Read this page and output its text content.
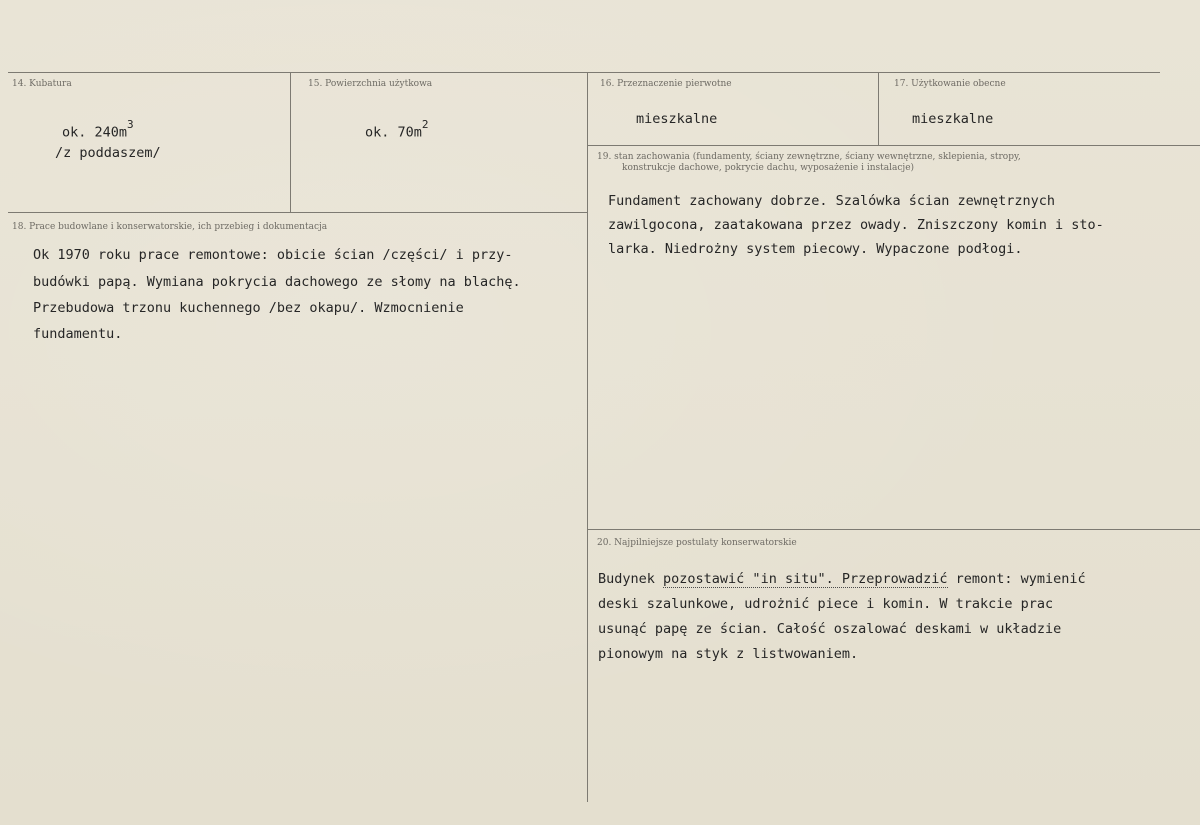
14. Kubatura
ok. $240m^3$
/z poddaszem/
15. Powierzchnia użytkowa
ok. $70m^2$
16. Przeznaczenie pierwotne
mieszkalne
17. Użytkowanie obecne
mieszkalne
19. stan zachowania (fundamenty, ściany zewnętrzne, ściany wewnętrzne, sklepienia, stropy,
konstrukcje dachowe, pokrycie dachu, wyposażenie i instalacje)
Fundament zachowany dobrze. Szalówka ścian zewnętrznych
zawilgocona, zaatakowana przez owady. Zniszczony komin i sto-
larka. Niedrożny system piecowy. Wypaczone podłogi.
18. Prace budowlane i konserwatorskie, ich przebieg i dokumentacja
Ok 1970 roku prace remontowe: obicie ścian /części/ i przy-
budówki papą. Wymiana pokrycia dachowego ze słomy na blachę.
Przebudowa trzonu kuchennego /bez okapu/. Wzmocnienie
fundamentu.
20. Najpilniejsze postulaty konserwatorskie
Budynek pozostawić "in situ". Przeprowadzić remont: wymienić
deski szalunkowe, udrożnić piece i komin. W trakcie prac
usunąć papę ze ścian. Całość oszalować deskami w układzie
pionowym na styk z listwowaniem.
